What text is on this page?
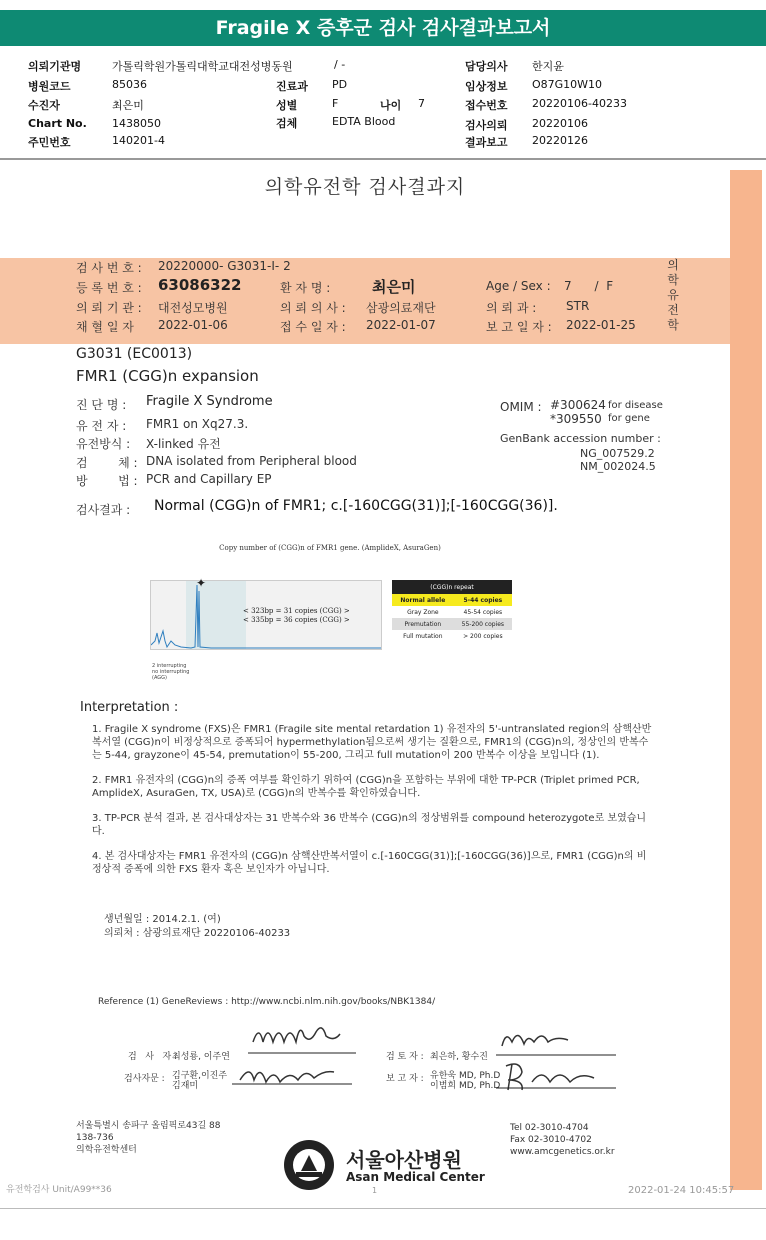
Fragile X 증후군 검사 검사결과보고서
의뢰기관명	가톨릭학원가톨릭대학교대전성병동원	/ -	담당의사 한지윤
병원코드	85036	진료과 PD	임상정보 O87G10W10
수진자	최은미	성별	F	나이 7	접수번호 20220106-40233
Chart No. 1438050	검체	EDTA Blood	검사의뢰 20220106
주민번호	140201-4	결과보고 20220126
의학유전학 검사결과지
의학유전학
검 사 번 호 : 20220000- G3031-I- 2
등 록 번 호 : 63086322	환 자 명 :	최은미	Age / Sex : 7      /  F
의 뢰 기 관 : 대전성모병원	의 뢰 의 사 : 삼광의료재단	의 뢰 과 : STR
채 혈 일 자 2022-01-06	접 수 일 자 : 2022-01-07	보 고 일 자 : 2022-01-25
G3031 (EC0013)
FMR1 (CGG)n expansion
진 단 명 : Fragile X Syndrome
유 전 자 : FMR1 on Xq27.3.
유전방식 : X-linked 유전
검        체 : DNA isolated from Peripheral blood
방        법 : PCR and Capillary EP
OMIM : #300624 for disease
*309550 for gene
GenBank accession number :
NG_007529.2
NM_002024.5
검사결과 : Normal (CGG)n of FMR1; c.[-160CGG(31)];[-160CGG(36)].
Copy number of (CGG)n of FMR1 gene. (AmplideX, AsuraGen)
< 323bp = 31 copies (CGG) >
< 335bp = 36 copies (CGG) >
2 interrupting
no interrupting
(AGG)
✦	(CGG)n repeat	
Normal allele	5-44 copies
Gray Zone	45-54 copies
Premutation	55-200 copies
Full mutation	> 200 copies
Interpretation :

1. Fragile X syndrome (FXS)은 FMR1 (Fragile site mental retardation 1) 유전자의 5'-untranslated region의 삼핵산반복서열 (CGG)n이 비정상적으로 증폭되어 hypermethylation됨으로써 생기는 질환으로, FMR1의 (CGG)n의, 정상인의 반복수는 5-44, grayzone이 45-54, premutation이 55-200, 그리고 full mutation이 200 반복수 이상을 보입니다 (1).

2. FMR1 유전자의 (CGG)n의 증폭 여부를 확인하기 위하여 (CGG)n을 포함하는 부위에 대한 TP-PCR (Triplet primed PCR, AmplideX, AsuraGen, TX, USA)로 (CGG)n의 반복수를 확인하였습니다.

3. TP-PCR 분석 결과, 본 검사대상자는 31 반복수와 36 반복수 (CGG)n의 정상범위를 compound heterozygote로 보였습니다.

4. 본 검사대상자는 FMR1 유전자의 (CGG)n 삼핵산반복서열이 c.[-160CGG(31)];[-160CGG(36)]으로, FMR1 (CGG)n의 비정상적 증폭에 의한 FXS 환자 혹은 보인자가 아닙니다.

생년월일 : 2014.2.1. (여)
의뢰처 : 삼광의료재단 20220106-40233
Reference (1) GeneReviews : http://www.ncbi.nlm.nih.gov/books/NBK1384/
검   사   자 :
최성룡, 이주연
검사자문 : 김구환,이진주
김재미
검 토 자 : 최은하, 황수진
보 고 자 : 유한욱 MD, Ph.D
이범희 MD, Ph.D
서울특별시 송파구 올림픽로43길 88
138-736
의학유전학센터
Tel 02-3010-4704
Fax 02-3010-4702
www.amcgenetics.or.kr
서울아산병원
Asan Medical Center
유전학검사 Unit/A99**36	1	2022-01-24 10:45:57
